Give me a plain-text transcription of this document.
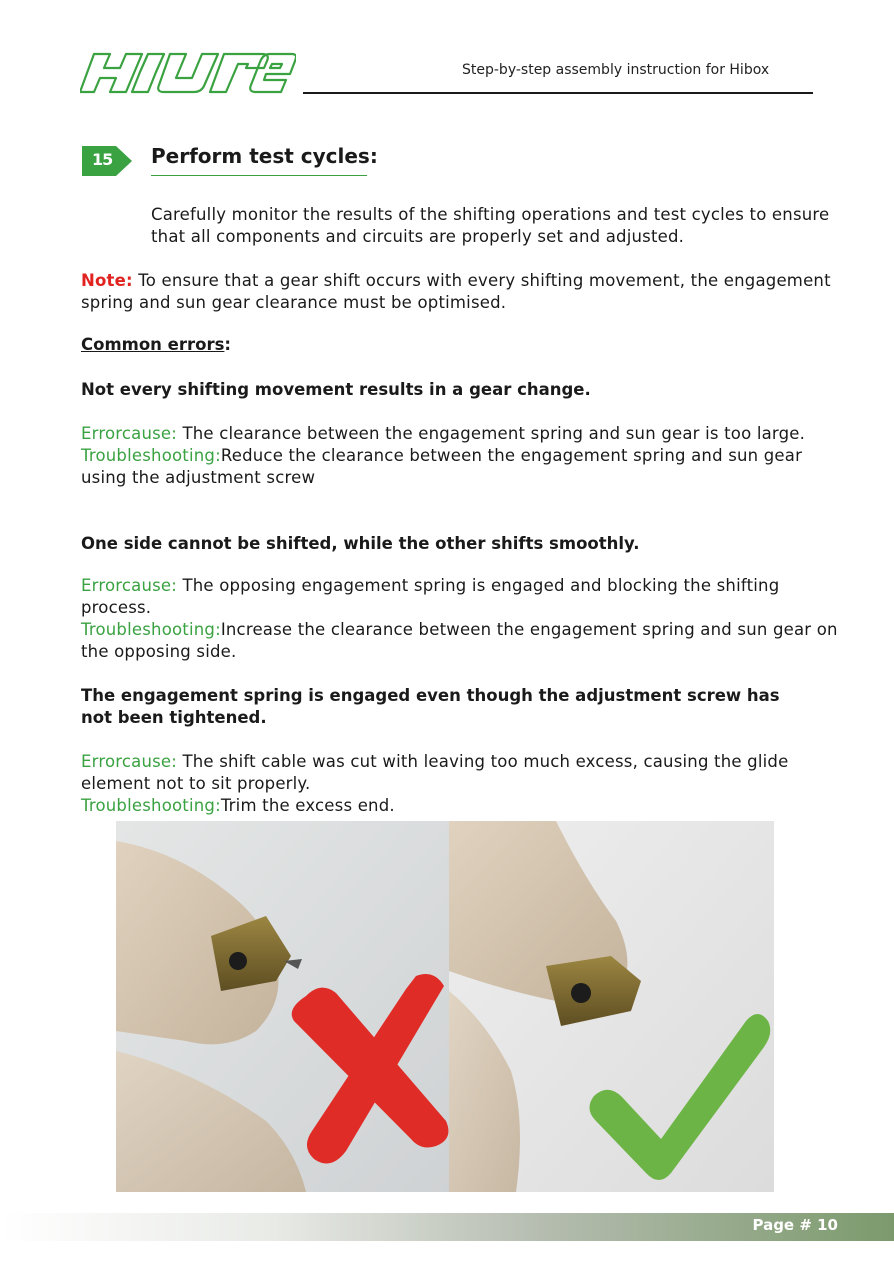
Step-by-step assembly instruction for Hibox
15 Perform test cycles:
Carefully monitor the results of the shifting operations and test cycles to ensure that all components and circuits are properly set and adjusted.
Note: To ensure that a gear shift occurs with every shifting movement, the engagement spring and sun gear clearance must be optimised.
Common errors:
Not every shifting movement results in a gear change.
Errorcause: The clearance between the engagement spring and sun gear is too large.
Troubleshooting:Reduce the clearance between the engagement spring and sun gear using the adjustment screw
One side cannot be shifted, while the other shifts smoothly.
Errorcause: The opposing engagement spring is engaged and blocking the shifting process.
Troubleshooting:Increase the clearance between the engagement spring and sun gear on the opposing side.
The engagement spring is engaged even though the adjustment screw has not been tightened.
Errorcause: The shift cable was cut with leaving too much excess, causing the glide element not to sit properly.
Troubleshooting:Trim the excess end.
Page # 10
